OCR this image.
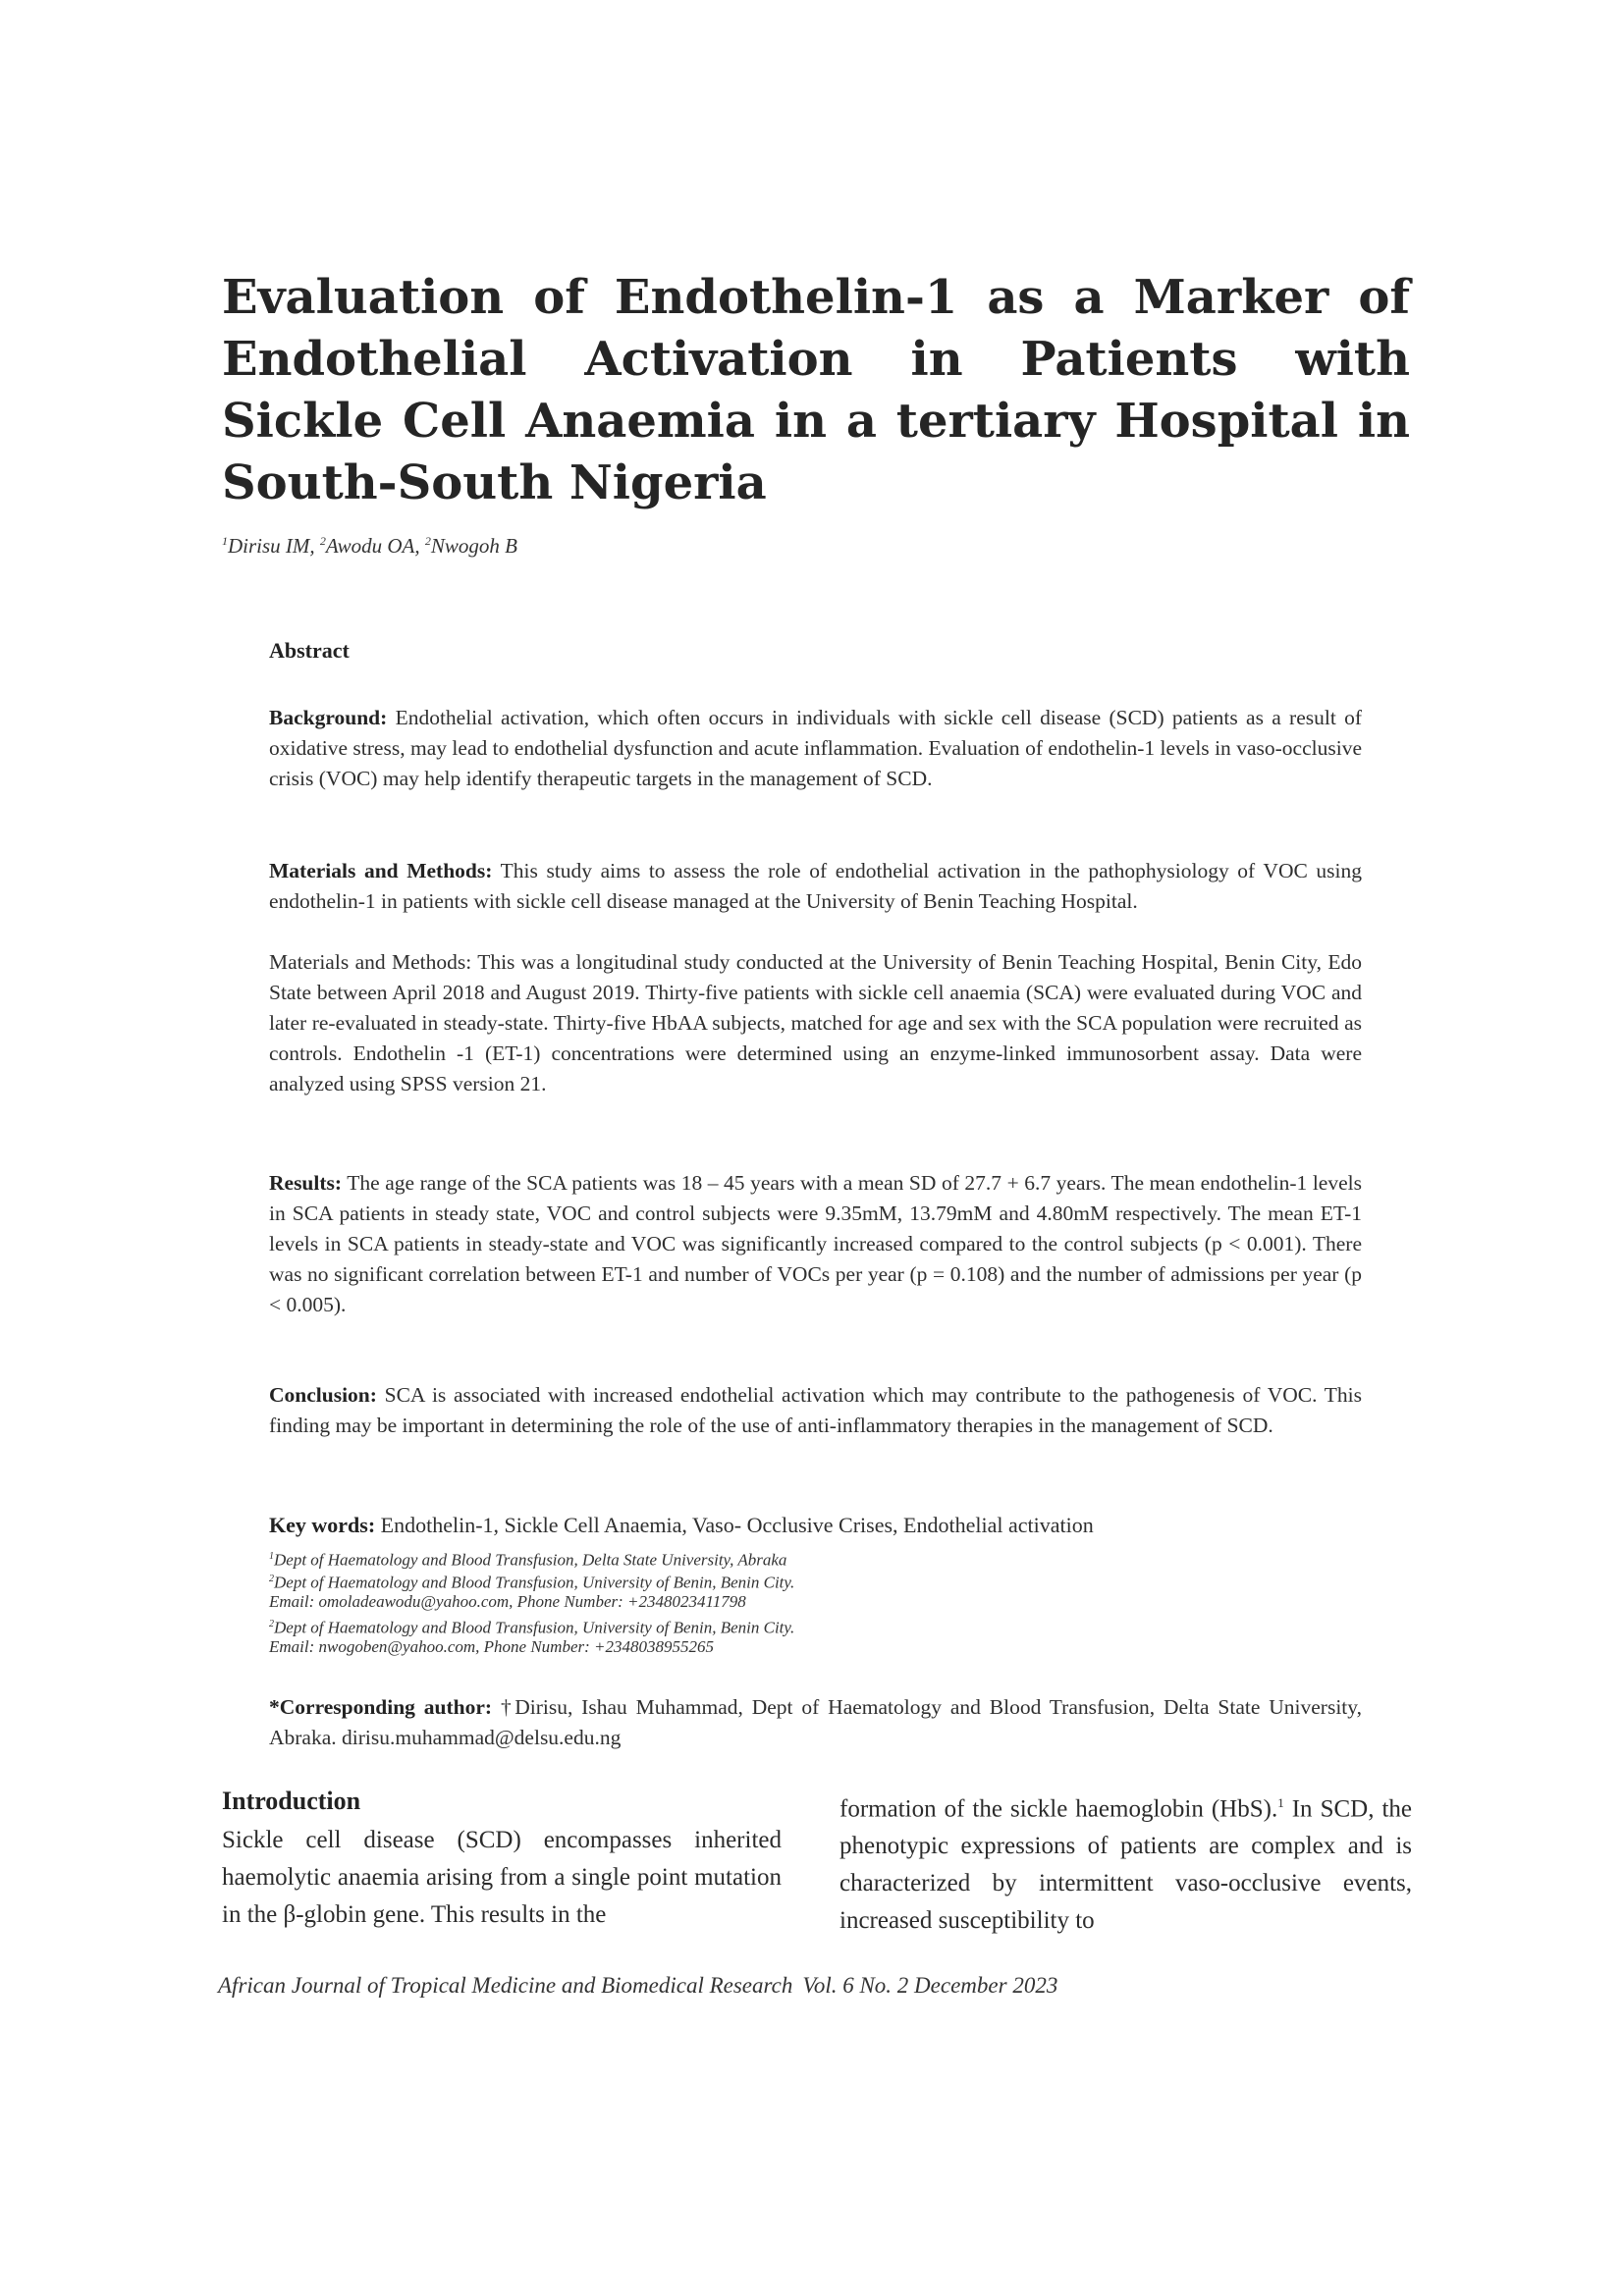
Evaluation of Endothelin-1 as a Marker of Endothelial Activation in Patients with Sickle Cell Anaemia in a tertiary Hospital in South-South Nigeria
$^1$Dirisu IM, $^2$Awodu OA, $^2$Nwogoh B
Abstract

Background: Endothelial activation, which often occurs in individuals with sickle cell disease (SCD) patients as a result of oxidative stress, may lead to endothelial dysfunction and acute inflammation. Evaluation of endothelin-1 levels in vaso-occlusive crisis (VOC) may help identify therapeutic targets in the management of SCD.

Materials and Methods: This study aims to assess the role of endothelial activation in the pathophysiology of VOC using endothelin-1 in patients with sickle cell disease managed at the University of Benin Teaching Hospital.

Materials and Methods: This was a longitudinal study conducted at the University of Benin Teaching Hospital, Benin City, Edo State between April 2018 and August 2019. Thirty-five patients with sickle cell anaemia (SCA) were evaluated during VOC and later re-evaluated in steady-state. Thirty-five HbAA subjects, matched for age and sex with the SCA population were recruited as controls. Endothelin -1 (ET-1) concentrations were determined using an enzyme-linked immunosorbent assay. Data were analyzed using SPSS version 21.

Results: The age range of the SCA patients was 18 – 45 years with a mean SD of 27.7 + 6.7 years. The mean endothelin-1 levels in SCA patients in steady state, VOC and control subjects were 9.35mM, 13.79mM and 4.80mM respectively. The mean ET-1 levels in SCA patients in steady-state and VOC was significantly increased compared to the control subjects (p < 0.001). There was no significant correlation between ET-1 and number of VOCs per year (p = 0.108) and the number of admissions per year (p < 0.005).

Conclusion: SCA is associated with increased endothelial activation which may contribute to the pathogenesis of VOC. This finding may be important in determining the role of the use of anti-inflammatory therapies in the management of SCD.

Key words: Endothelin-1, Sickle Cell Anaemia, Vaso- Occlusive Crises, Endothelial activation

$^1$Dept of Haematology and Blood Transfusion, Delta State University, Abraka

$^2$Dept of Haematology and Blood Transfusion, University of Benin, Benin City.

Email: omoladeawodu@yahoo.com, Phone Number: +2348023411798

$^2$Dept of Haematology and Blood Transfusion, University of Benin, Benin City.

Email: nwogoben@yahoo.com, Phone Number: +2348038955265

*Corresponding author: †Dirisu, Ishau Muhammad, Dept of Haematology and Blood Transfusion, Delta State University, Abraka. dirisu.muhammad@delsu.edu.ng

Introduction

Sickle cell disease (SCD) encompasses inherited haemolytic anaemia arising from a single point mutation in the β-globin gene. This results in the

formation of the sickle haemoglobin (HbS).$^1$ In SCD, the phenotypic expressions of patients are complex and is characterized by intermittent vaso-occlusive events, increased susceptibility to

African Journal of Tropical Medicine and Biomedical Research Vol. 6 No. 2 December 2023
